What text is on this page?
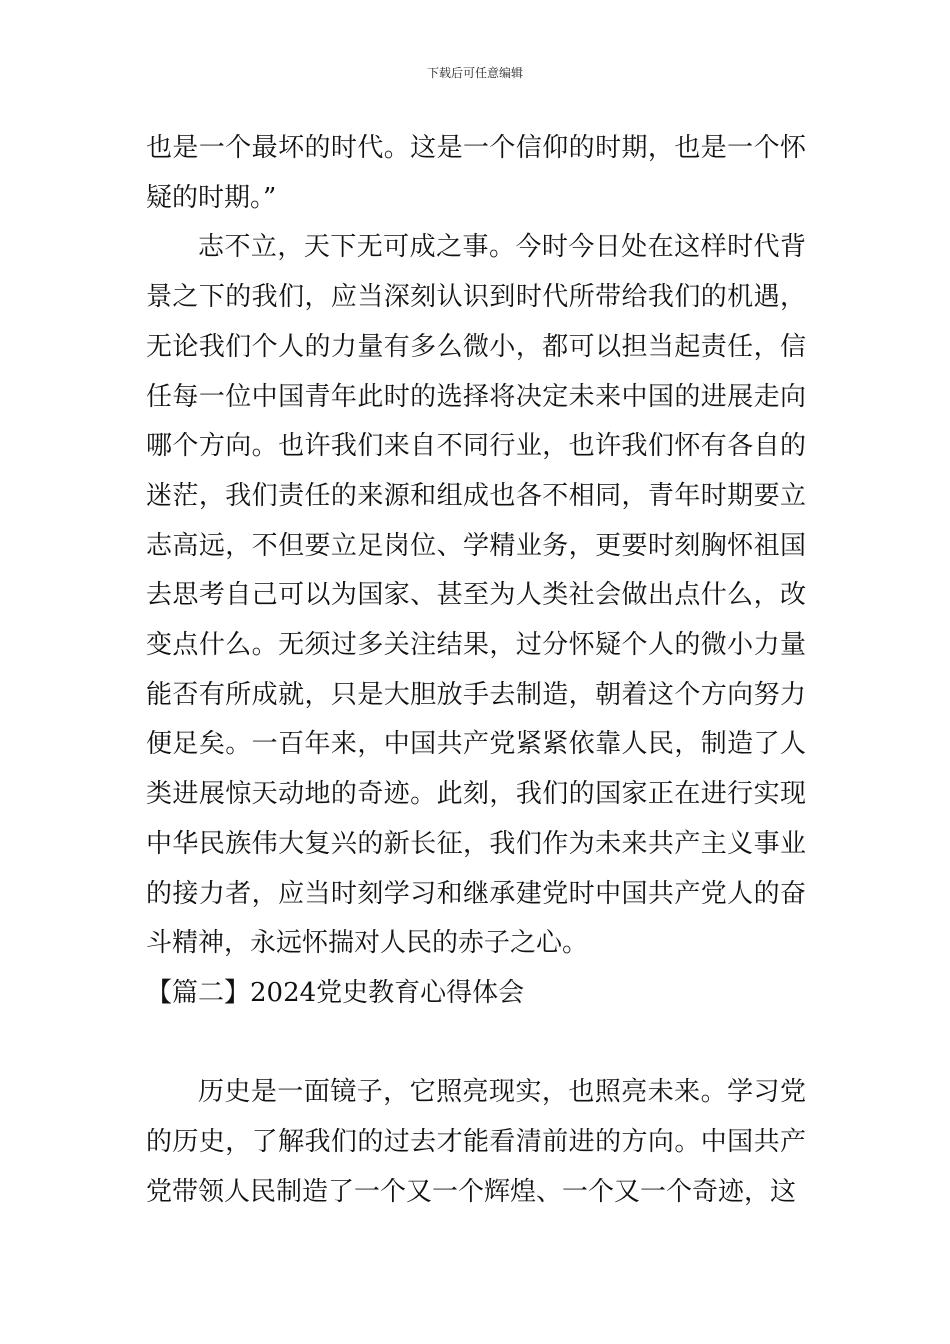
下载后可任意编辑

也是一个最坏的时代。这是一个信仰的时期，也是一个怀疑的时期。”

志不立，天下无可成之事。今时今日处在这样时代背景之下的我们，应当深刻认识到时代所带给我们的机遇，无论我们个人的力量有多么微小，都可以担当起责任，信任每一位中国青年此时的选择将决定未来中国的进展走向哪个方向。也许我们来自不同行业，也许我们怀有各自的迷茫，我们责任的来源和组成也各不相同，青年时期要立志高远，不但要立足岗位、学精业务，更要时刻胸怀祖国去思考自己可以为国家、甚至为人类社会做出点什么，改变点什么。无须过多关注结果，过分怀疑个人的微小力量能否有所成就，只是大胆放手去制造，朝着这个方向努力便足矣。一百年来，中国共产党紧紧依靠人民，制造了人类进展惊天动地的奇迹。此刻，我们的国家正在进行实现中华民族伟大复兴的新长征，我们作为未来共产主义事业的接力者，应当时刻学习和继承建党时中国共产党人的奋斗精神，永远怀揣对人民的赤子之心。

【篇二】2024党史教育心得体会

历史是一面镜子，它照亮现实，也照亮未来。学习党的历史，了解我们的过去才能看清前进的方向。中国共产党带领人民制造了一个又一个辉煌、一个又一个奇迹，这
